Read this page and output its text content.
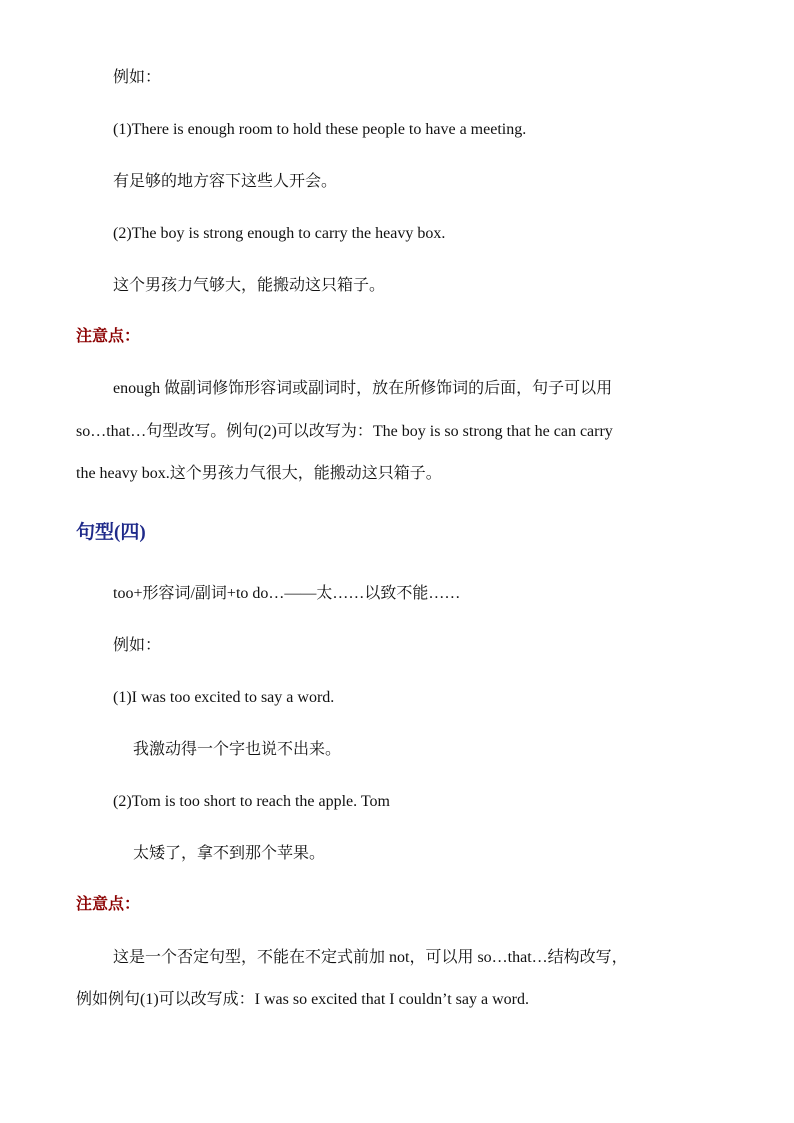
例如：
(1)There is enough room to hold these people to have a meeting.
有足够的地方容下这些人开会。
(2)The boy is strong enough to carry the heavy box.
这个男孩力气够大，能搬动这只箱子。
注意点：
enough 做副词修饰形容词或副词时，放在所修饰词的后面，句子可以用
so…that…句型改写。例句(2)可以改写为：The boy is so strong that he can carry
the heavy box.这个男孩力气很大，能搬动这只箱子。
句型(四)
too+形容词/副词+to do…——太……以致不能……
例如：
(1)I was too excited to say a word.
我激动得一个字也说不出来。
(2)Tom is too short to reach the apple. Tom
太矮了，拿不到那个苹果。
注意点：
这是一个否定句型，不能在不定式前加 not，可以用 so…that…结构改写，
例如例句(1)可以改写成：I was so excited that I couldn’t say a word.
